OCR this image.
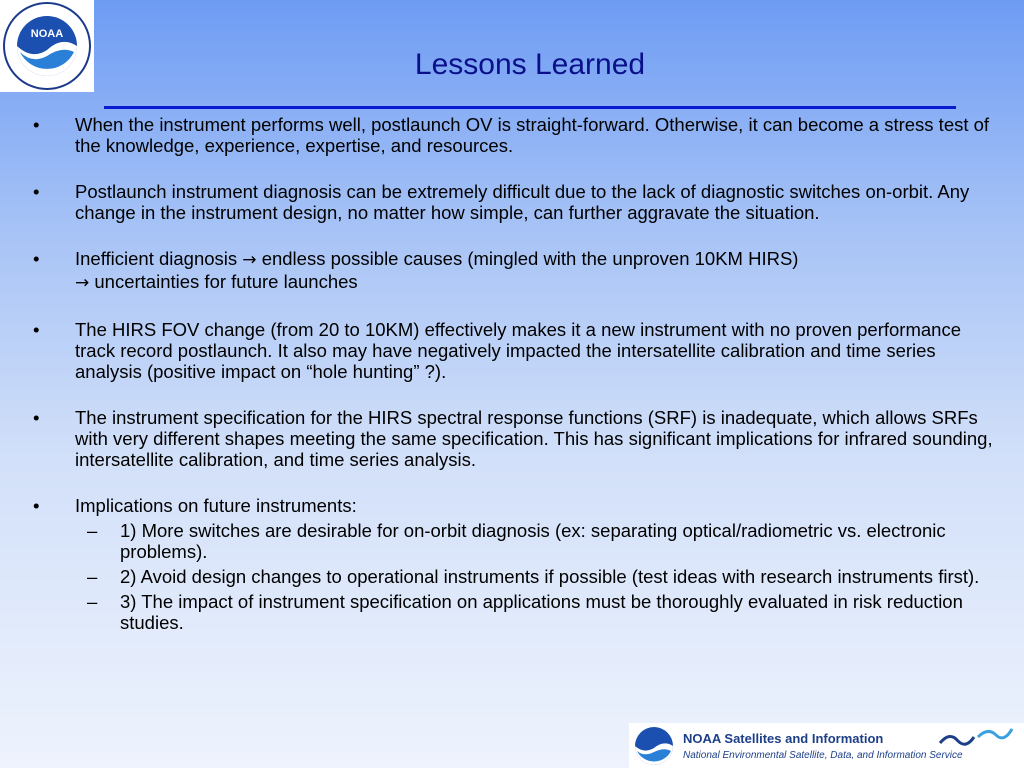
NOAA
Lessons Learned
• When the instrument performs well, postlaunch OV is straight-forward. Otherwise, it can become a stress test of the knowledge, experience, expertise, and resources.
• Postlaunch instrument diagnosis can be extremely difficult due to the lack of diagnostic switches on-orbit. Any change in the instrument design, no matter how simple, can further aggravate the situation.
• Inefficient diagnosis → endless possible causes (mingled with the unproven 10KM HIRS)
→ uncertainties for future launches
• The HIRS FOV change (from 20 to 10KM) effectively makes it a new instrument with no proven performance track record postlaunch. It also may have negatively impacted the intersatellite calibration and time series analysis (positive impact on “hole hunting” ?).
• The instrument specification for the HIRS spectral response functions (SRF) is inadequate, which allows SRFs with very different shapes meeting the same specification. This has significant implications for infrared sounding, intersatellite calibration, and time series analysis.
• Implications on future instruments:
– 1) More switches are desirable for on-orbit diagnosis (ex: separating optical/radiometric vs. electronic problems).
– 2) Avoid design changes to operational instruments if possible (test ideas with research instruments first).
– 3) The impact of instrument specification on applications must be thoroughly evaluated in risk reduction studies.
NOAA Satellites and Information
National Environmental Satellite, Data, and Information Service
